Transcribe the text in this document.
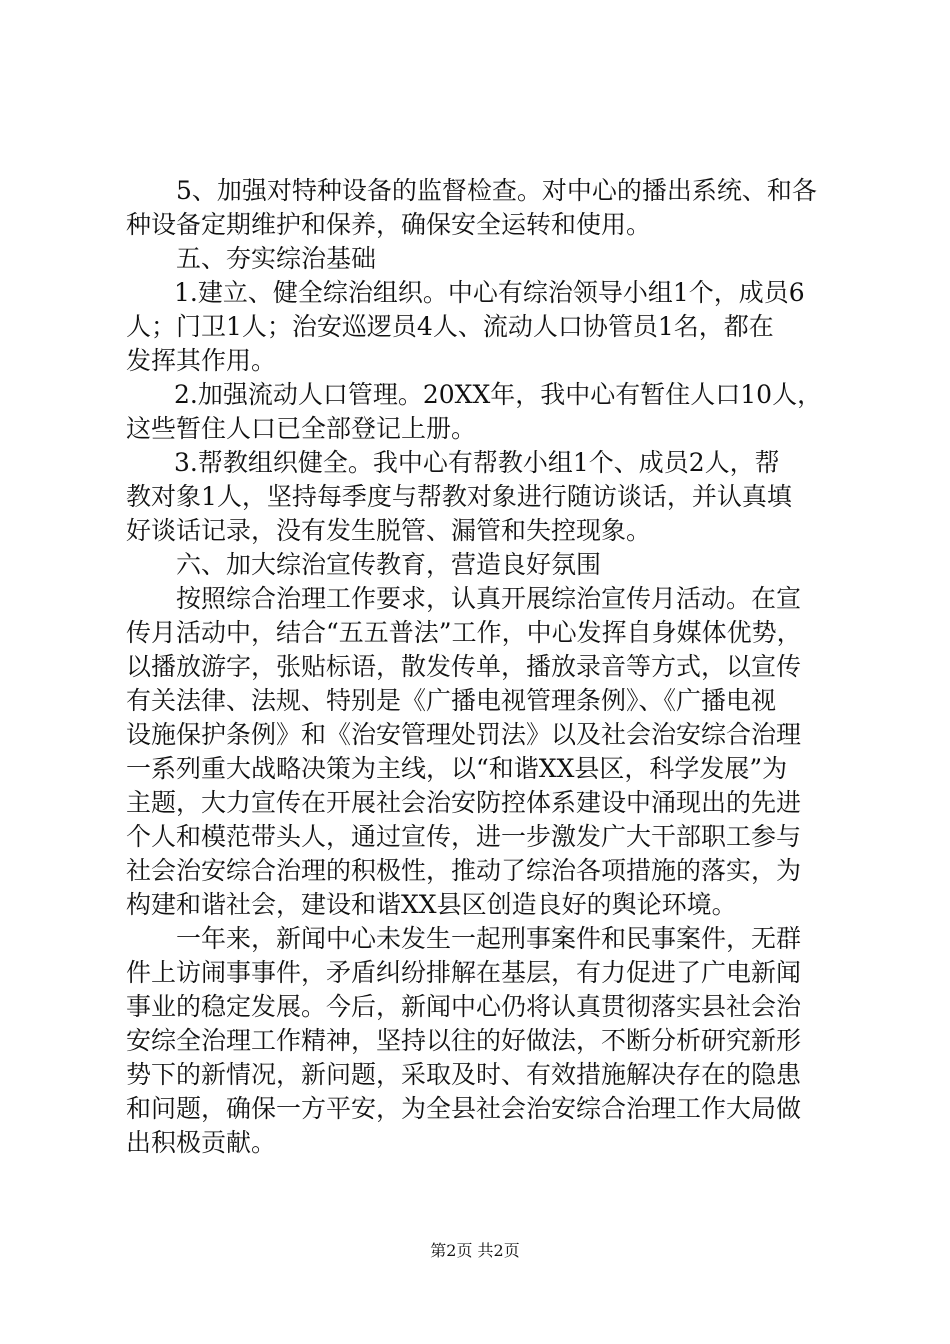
5、加强对特种设备的监督检查。对中心的播出系统、和各
种设备定期维护和保养，确保安全运转和使用。
五、夯实综治基础
1.建立、健全综治组织。中心有综治领导小组1个，成员6
人；门卫1人；治安巡逻员4人、流动人口协管员1名，都在
发挥其作用。
2.加强流动人口管理。20XX年，我中心有暂住人口10人，
这些暂住人口已全部登记上册。
3.帮教组织健全。我中心有帮教小组1个、成员2人，帮
教对象1人，坚持每季度与帮教对象进行随访谈话，并认真填
好谈话记录，没有发生脱管、漏管和失控现象。
六、加大综治宣传教育，营造良好氛围
按照综合治理工作要求，认真开展综治宣传月活动。在宣
传月活动中，结合“五五普法”工作，中心发挥自身媒体优势，
以播放游字，张贴标语，散发传单，播放录音等方式，以宣传
有关法律、法规、特别是《广播电视管理条例》、《广播电视
设施保护条例》和《治安管理处罚法》以及社会治安综合治理
一系列重大战略决策为主线，以“和谐XX县区，科学发展”为
主题，大力宣传在开展社会治安防控体系建设中涌现出的先进
个人和模范带头人，通过宣传，进一步激发广大干部职工参与
社会治安综合治理的积极性，推动了综治各项措施的落实，为
构建和谐社会，建设和谐XX县区创造良好的舆论环境。
一年来，新闻中心未发生一起刑事案件和民事案件，无群
件上访闹事事件，矛盾纠纷排解在基层，有力促进了广电新闻
事业的稳定发展。今后，新闻中心仍将认真贯彻落实县社会治
安综全治理工作精神，坚持以往的好做法，不断分析研究新形
势下的新情况，新问题，采取及时、有效措施解决存在的隐患
和问题，确保一方平安，为全县社会治安综合治理工作大局做
出积极贡献。
第2页 共2页
